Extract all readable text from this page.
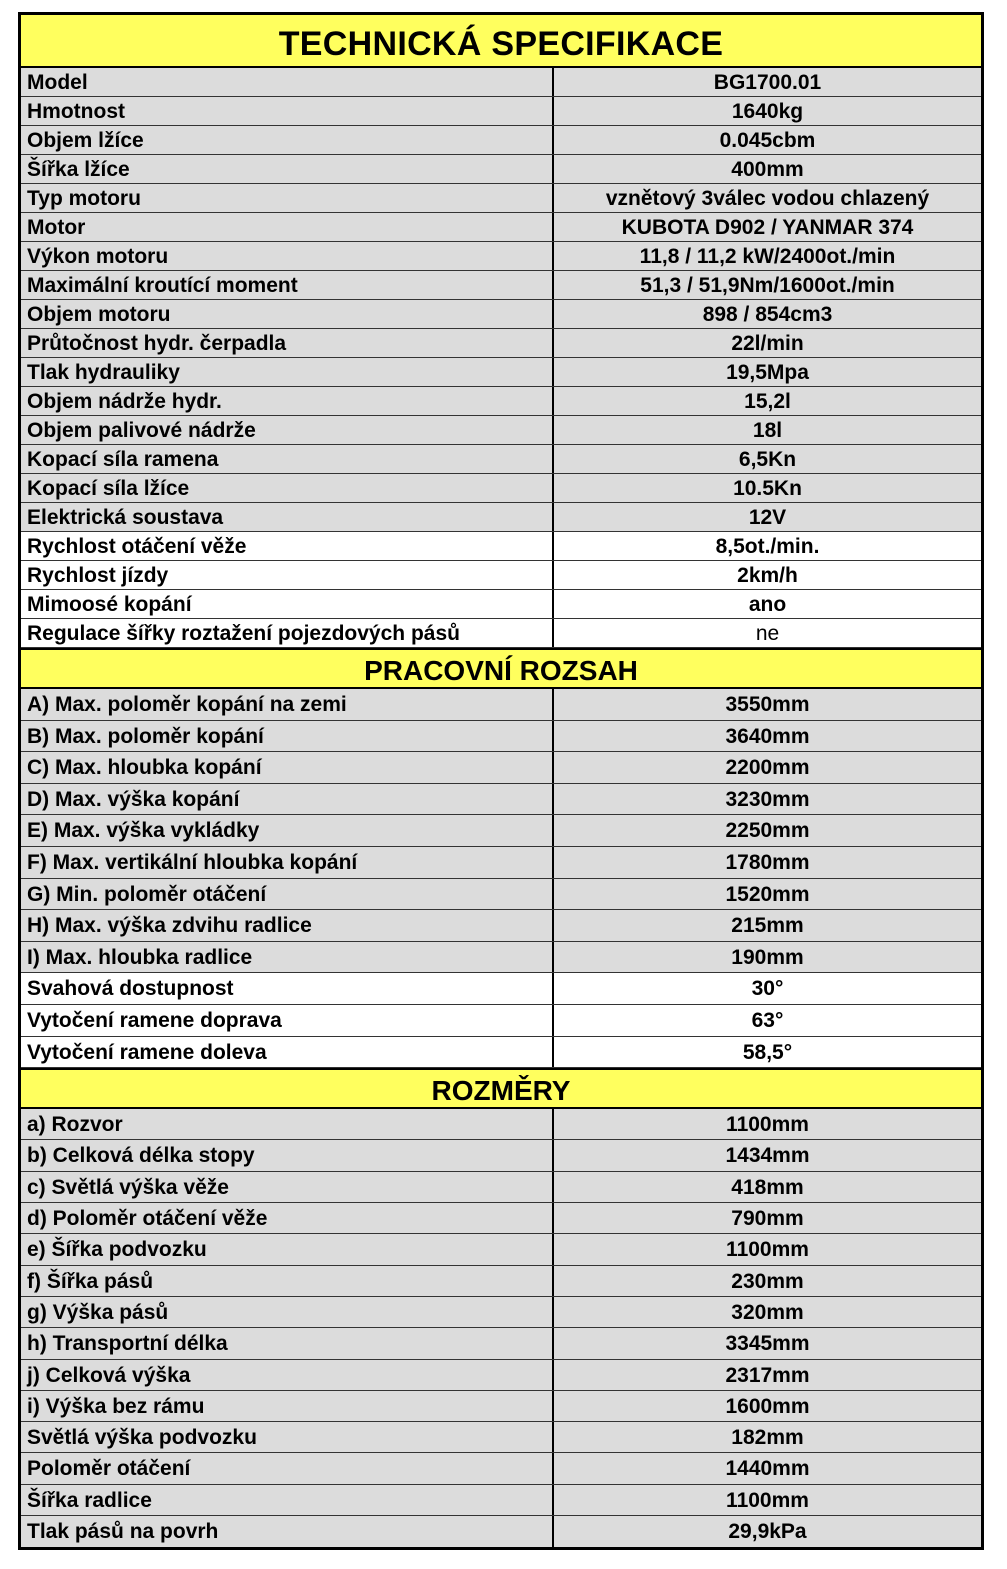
TECHNICKÁ SPECIFIKACE
Model	BG1700.01
Hmotnost	1640kg
Objem lžíce	0.045cbm
Šířka lžíce	400mm
Typ motoru	vznětový 3válec vodou chlazený
Motor	KUBOTA D902 / YANMAR 374
Výkon motoru	11,8 / 11,2 kW/2400ot./min
Maximální kroutící moment	51,3 / 51,9Nm/1600ot./min
Objem motoru	898 / 854cm3
Průtočnost hydr. čerpadla	22l/min
Tlak hydrauliky	19,5Mpa
Objem nádrže hydr.	15,2l
Objem palivové nádrže	18l
Kopací síla ramena	6,5Kn
Kopací síla lžíce	10.5Kn
Elektrická soustava	12V
Rychlost otáčení věže	8,5ot./min.
Rychlost jízdy	2km/h
Mimoosé kopání	ano
Regulace šířky roztažení pojezdových pásů	ne
PRACOVNÍ ROZSAH
A) Max. poloměr kopání na zemi	3550mm
B) Max. poloměr kopání	3640mm
C) Max. hloubka kopání	2200mm
D) Max. výška kopání	3230mm
E) Max. výška vykládky	2250mm
F) Max. vertikální hloubka kopání	1780mm
G) Min. poloměr otáčení	1520mm
H) Max. výška zdvihu radlice	215mm
I) Max. hloubka radlice	190mm
Svahová dostupnost	30°
Vytočení ramene doprava	63°
Vytočení ramene doleva	58,5°
ROZMĚRY
a) Rozvor	1100mm
b) Celková délka stopy	1434mm
c) Světlá výška věže	418mm
d) Poloměr otáčení věže	790mm
e) Šířka podvozku	1100mm
f) Šířka pásů	230mm
g) Výška pásů	320mm
h) Transportní délka	3345mm
j) Celková výška	2317mm
i) Výška bez rámu	1600mm
Světlá výška podvozku	182mm
Poloměr otáčení	1440mm
Šířka radlice	1100mm
Tlak pásů na povrh	29,9kPa
